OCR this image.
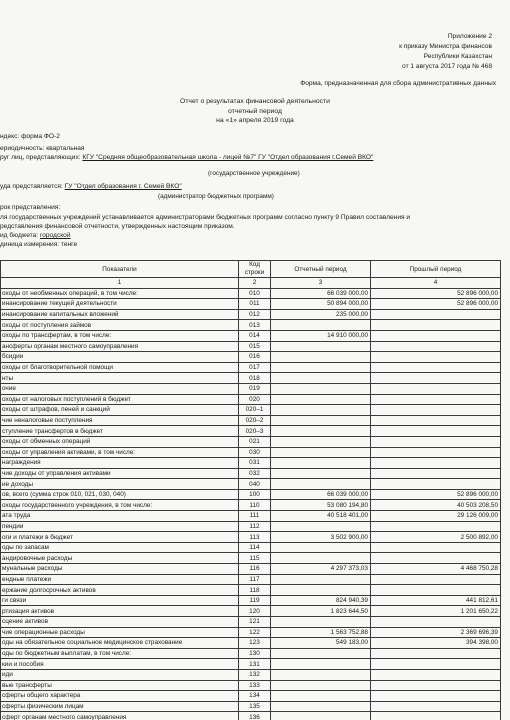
Приложение 2
к приказу Министра финансов
Республики Казахстан
от 1 августа 2017 года № 468
Форма, предназначенная для сбора административных данных
Отчет о результатах финансовой деятельности
отчетный период
на «1» апреля 2019 года
ндекс: форма ФО-2
ериодичность: квартальная
руг лиц, представляющих: КГУ "Средняя общеобразовательная школа - лицей №7" ГУ "Отдел образования г.Семей ВКО"
(государственное учреждение)
уда представляется: ГУ "Отдел образования г. Семей ВКО"
(администратор бюджетных программ)
рок представления:
ля государственных учреждений устанавливается администраторами бюджетных программ согласно пункту 9 Правил составления и
редставления финансовой отчетности, утвержденных настоящим приказом.
ид бюджета: городской
диница измерения: тенге
Показатели	Код строки	Отчетный период	Прошлый период
1	2	3	4
оходы от необменных операций, в том числе:	010	66 039 000,00	52 896 000,00
инансирование текущей деятельности	011	50 894 000,00	52 896 000,00
инансирование капитальных вложений	012	235 000,00	
оходы от поступления займов	013		
оходы по трансфертам, в том числе:	014	14 910 000,00	
ансферты органам местного самоуправления	015		
бсидии	016		
оходы от благотворительной помощи	017		
нты	018		
очие	019		
оходы от налоговых поступлений в бюджет	020		
оходы от штрафов, пеней и санкций	020–1		
чие неналоговые поступления	020–2		
ступление трансфертов в бюджет	020–3		
оходы от обменных операций	021		
оходы от управления активами, в том числе:	030		
награждения	031		
чие доходы от управления активами	032		
ие доходы	040		
ов, всего (сумма строк 010, 021, 030, 040)	100	66 039 000,00	52 896 000,00
оходы государственного учреждения, в том числе:	110	53 080 194,80	40 503 208,50
ата труда	111	40 518 401,00	29 126 009,00
пендии	112		
оги и платежи в бюджет	113	3 502 900,00	2 500 892,00
оды по запасам	114		
андировочные расходы	115		
мунальные расходы	116	4 297 373,03	4 468 750,28
ендные платежи	117		
ержание долгосрочных активов	118		
ги связи	119	824 940,39	441 812,61
ртизация активов	120	1 823 644,50	1 201 650,22
сцение активов	121		
чие операционные расходы	122	1 563 752,88	2 369 696,39
оды на обязательное социальное медицинское страхование	123	549 183,00	394 398,00
оды по бюджетным выплатам, в том числе:	130		
кии и пособия	131		
иди	132		
вые трансферты	133		
сферты общего характера	134		
сферты физическим лицам	135		
сферт органам местного самоуправления	136		
